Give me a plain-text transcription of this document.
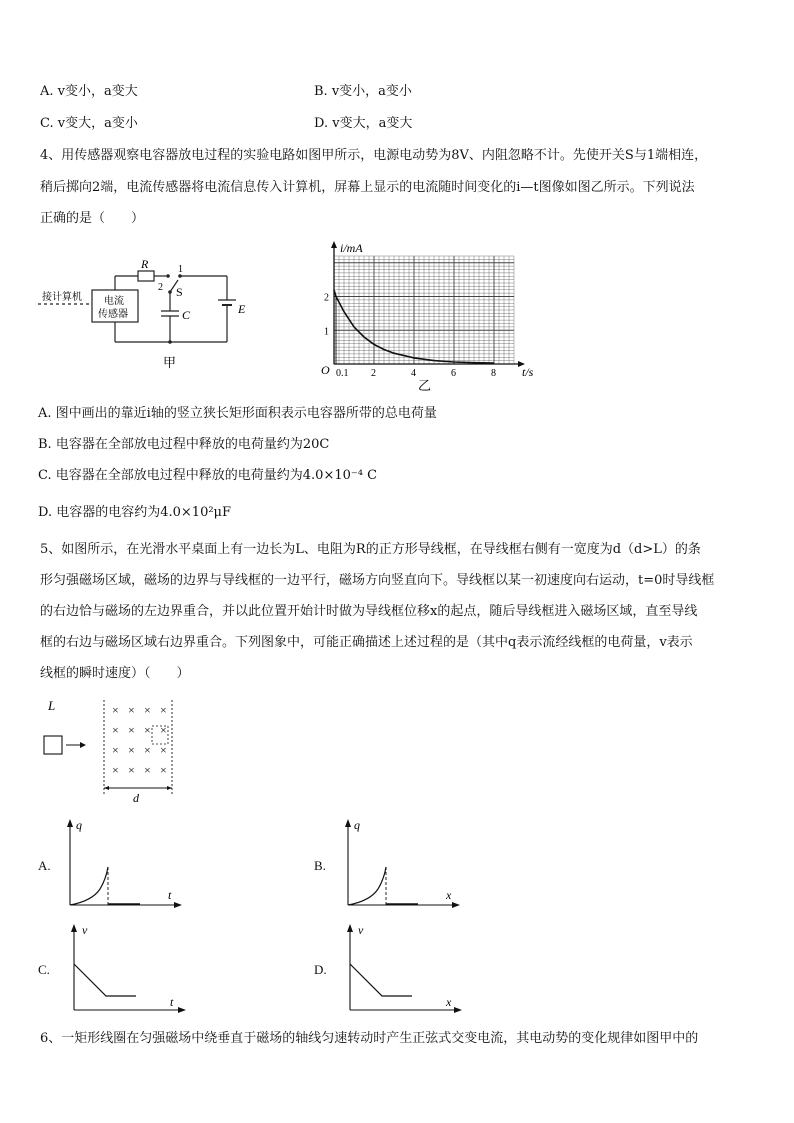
A. v变小，a变大	B. v变小，a变小
C. v变大，a变小	D. v变大，a变大
4、用传感器观察电容器放电过程的实验电路如图甲所示，电源电动势为8V、内阻忽略不计。先使开关S与1端相连，
稍后掷向2端，电流传感器将电流信息传入计算机，屏幕上显示的电流随时间变化的i—t图像如图乙所示。下列说法
正确的是（　　）
接计算机 电流
传感器
R
2
1
S
C	E
甲
i/mA
t/s
O 0.1 2	4	6	8
1
2
乙
A. 图中画出的靠近i轴的竖立狭长矩形面积表示电容器所带的总电荷量
B. 电容器在全部放电过程中释放的电荷量约为20C
C. 电容器在全部放电过程中释放的电荷量约为4.0×10⁻⁴ C
D. 电容器的电容约为4.0×10²μF
5、如图所示，在光滑水平桌面上有一边长为L、电阻为R的正方形导线框，在导线框右侧有一宽度为d（d>L）的条
形匀强磁场区域，磁场的边界与导线框的一边平行，磁场方向竖直向下。导线框以某一初速度向右运动，t=0时导线框
的右边恰与磁场的左边界重合，并以此位置开始计时做为导线框位移x的起点，随后导线框进入磁场区域，直至导线
框的右边与磁场区域右边界重合。下列图象中，可能正确描述上述过程的是（其中q表示流经线框的电荷量，v表示
线框的瞬时速度）（　　）
L	× × × ×
× × × ×
× × × ×
× × × ×
d
A.	B.
C.	D.
q
t
q
x
v
t
v
x
6、一矩形线圈在匀强磁场中绕垂直于磁场的轴线匀速转动时产生正弦式交变电流，其电动势的变化规律如图甲中的
